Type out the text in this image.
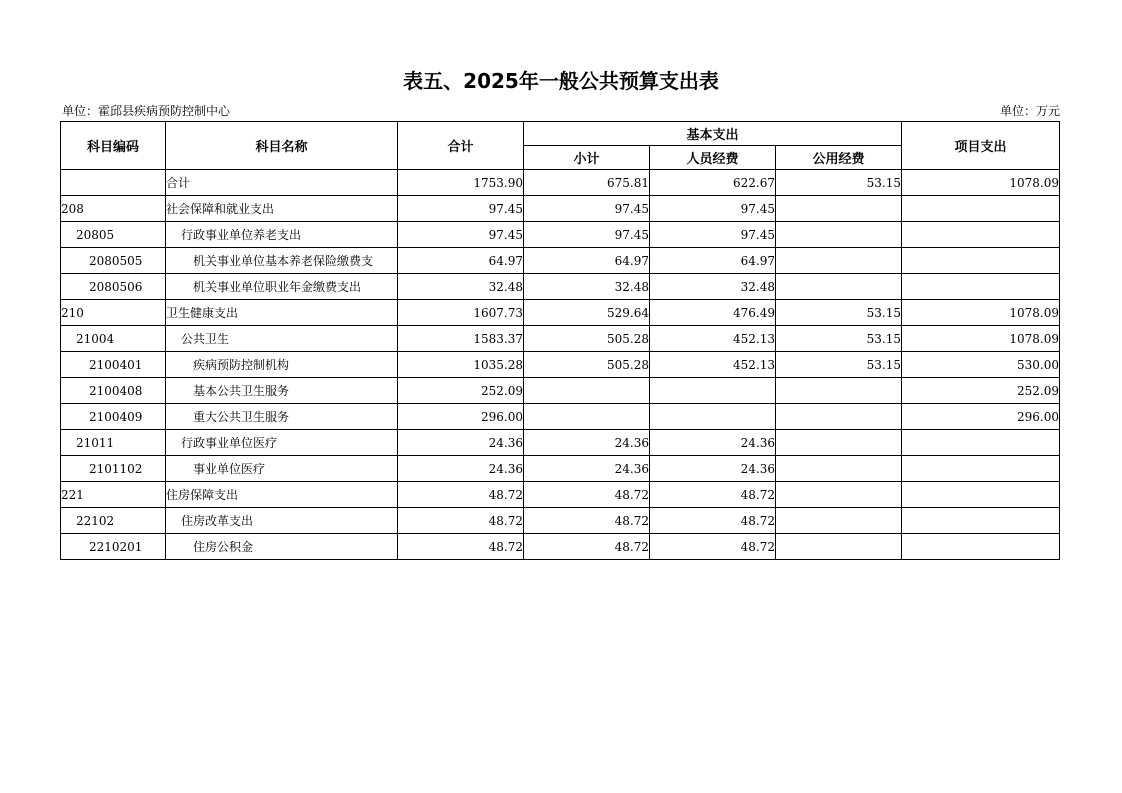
表五、2025年一般公共预算支出表
单位：霍邱县疾病预防控制中心	单位：万元
科目编码	科目名称	合计	基本支出			项目支出
			小计	人员经费	公用经费	
	合计	1753.90	675.81	622.67	53.15	1078.09
208	社会保障和就业支出	97.45	97.45	97.45		
20805	行政事业单位养老支出	97.45	97.45	97.45		
2080505	机关事业单位基本养老保险缴费支	64.97	64.97	64.97		
2080506	机关事业单位职业年金缴费支出	32.48	32.48	32.48		
210	卫生健康支出	1607.73	529.64	476.49	53.15	1078.09
21004	公共卫生	1583.37	505.28	452.13	53.15	1078.09
2100401	疾病预防控制机构	1035.28	505.28	452.13	53.15	530.00
2100408	基本公共卫生服务	252.09				252.09
2100409	重大公共卫生服务	296.00				296.00
21011	行政事业单位医疗	24.36	24.36	24.36		
2101102	事业单位医疗	24.36	24.36	24.36		
221	住房保障支出	48.72	48.72	48.72		
22102	住房改革支出	48.72	48.72	48.72		
2210201	住房公积金	48.72	48.72	48.72		
